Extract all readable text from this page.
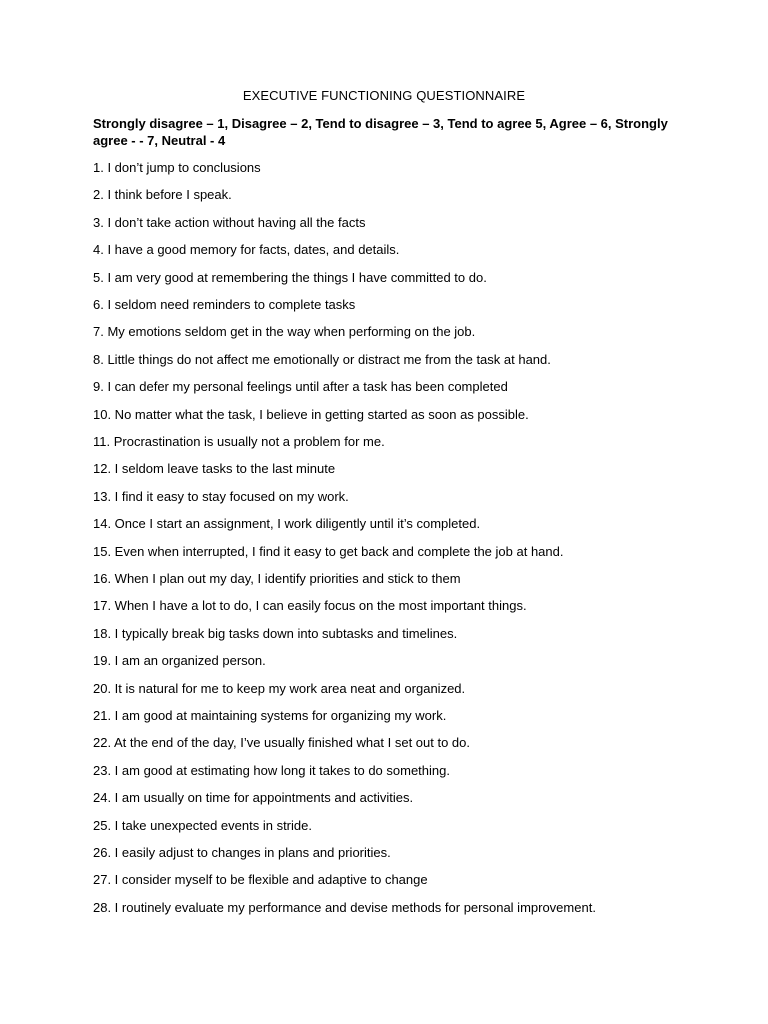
EXECUTIVE FUNCTIONING QUESTIONNAIRE
Strongly disagree – 1, Disagree – 2, Tend to disagree – 3, Tend to agree 5, Agree – 6, Strongly agree - - 7, Neutral - 4
1. I don’t jump to conclusions
2. I think before I speak.
3. I don’t take action without having all the facts
4. I have a good memory for facts, dates, and details.
5. I am very good at remembering the things I have committed to do.
6. I seldom need reminders to complete tasks
7. My emotions seldom get in the way when performing on the job.
8. Little things do not affect me emotionally or distract me from the task at hand.
9. I can defer my personal feelings until after a task has been completed
10. No matter what the task, I believe in getting started as soon as possible.
11. Procrastination is usually not a problem for me.
12. I seldom leave tasks to the last minute
13. I find it easy to stay focused on my work.
14. Once I start an assignment, I work diligently until it’s completed.
15. Even when interrupted, I find it easy to get back and complete the job at hand.
16. When I plan out my day, I identify priorities and stick to them
17. When I have a lot to do, I can easily focus on the most important things.
18. I typically break big tasks down into subtasks and timelines.
19. I am an organized person.
20. It is natural for me to keep my work area neat and organized.
21. I am good at maintaining systems for organizing my work.
22. At the end of the day, I’ve usually finished what I set out to do.
23. I am good at estimating how long it takes to do something.
24. I am usually on time for appointments and activities.
25. I take unexpected events in stride.
26. I easily adjust to changes in plans and priorities.
27. I consider myself to be flexible and adaptive to change
28. I routinely evaluate my performance and devise methods for personal improvement.
